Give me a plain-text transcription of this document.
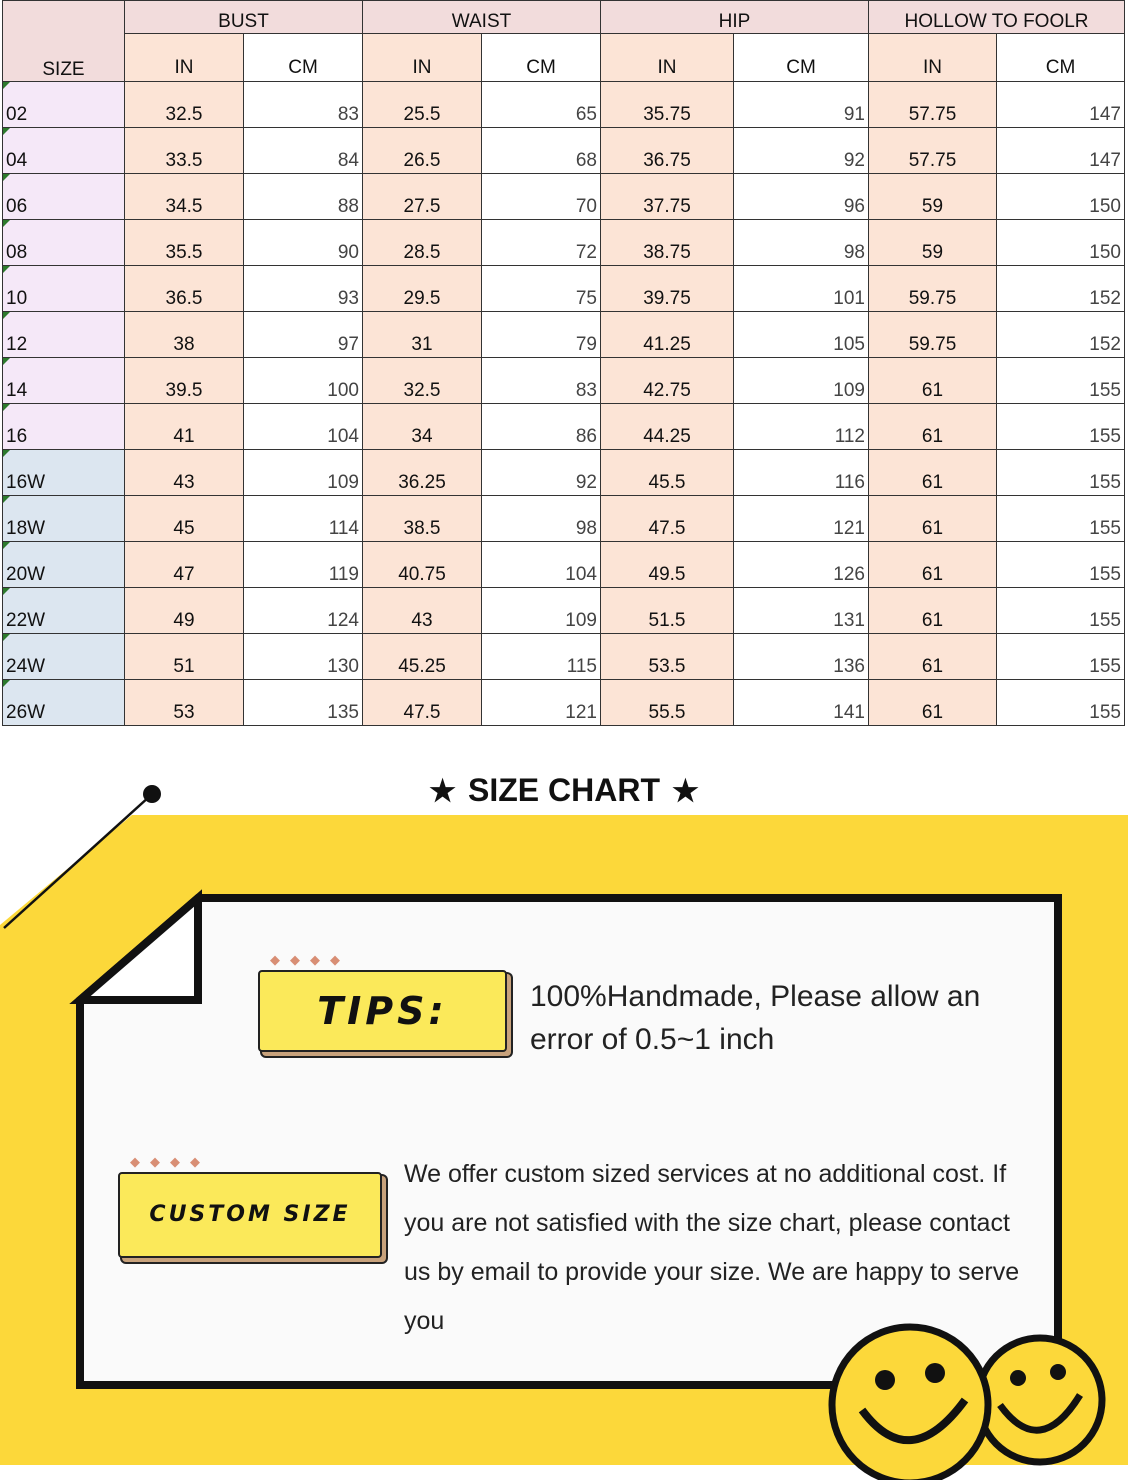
SIZE	BUST		WAIST		HIP		HOLLOW TO FOOLR	
	IN	CM	IN	CM	IN	CM	IN	CM
02	32.5	83	25.5	65	35.75	91	57.75	147
04	33.5	84	26.5	68	36.75	92	57.75	147
06	34.5	88	27.5	70	37.75	96	59	150
08	35.5	90	28.5	72	38.75	98	59	150
10	36.5	93	29.5	75	39.75	101	59.75	152
12	38	97	31	79	41.25	105	59.75	152
14	39.5	100	32.5	83	42.75	109	61	155
16	41	104	34	86	44.25	112	61	155
16W	43	109	36.25	92	45.5	116	61	155
18W	45	114	38.5	98	47.5	121	61	155
20W	47	119	40.75	104	49.5	126	61	155
22W	49	124	43	109	51.5	131	61	155
24W	51	130	45.25	115	53.5	136	61	155
26W	53	135	47.5	121	55.5	141	61	155
★ SIZE CHART ★
◆◆◆◆
TIPS:	100%Handmade, Please allow an error of 0.5~1 inch
◆◆◆◆
CUSTOM SIZE
We offer custom sized services at no additional cost. If you are not satisfied with the size chart, please contact us by email to provide your size. We are happy to serve you
